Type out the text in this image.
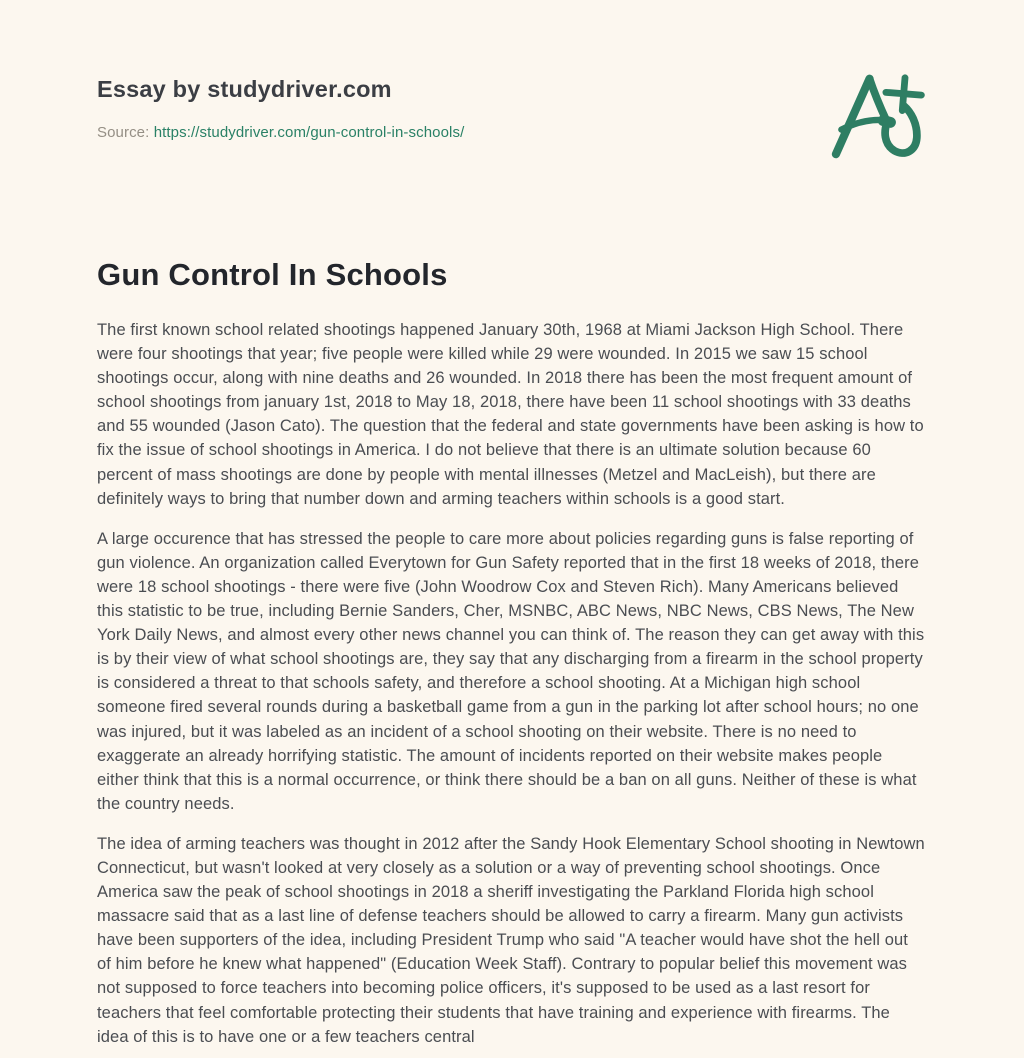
Essay by studydriver.com
Source: https://studydriver.com/gun-control-in-schools/
Gun Control In Schools

The first known school related shootings happened January 30th, 1968 at Miami Jackson High School. There were four shootings that year; five people were killed while 29 were wounded. In 2015 we saw 15 school shootings occur, along with nine deaths and 26 wounded. In 2018 there has been the most frequent amount of school shootings from january 1st, 2018 to May 18, 2018, there have been 11 school shootings with 33 deaths and 55 wounded (Jason Cato). The question that the federal and state governments have been asking is how to fix the issue of school shootings in America. I do not believe that there is an ultimate solution because 60 percent of mass shootings are done by people with mental illnesses (Metzel and MacLeish), but there are definitely ways to bring that number down and arming teachers within schools is a good start.

A large occurence that has stressed the people to care more about policies regarding guns is false reporting of gun violence. An organization called Everytown for Gun Safety reported that in the first 18 weeks of 2018, there were 18 school shootings - there were five (John Woodrow Cox and Steven Rich). Many Americans believed this statistic to be true, including Bernie Sanders, Cher, MSNBC, ABC News, NBC News, CBS News, The New York Daily News, and almost every other news channel you can think of. The reason they can get away with this is by their view of what school shootings are, they say that any discharging from a firearm in the school property is considered a threat to that schools safety, and therefore a school shooting. At a Michigan high school someone fired several rounds during a basketball game from a gun in the parking lot after school hours; no one was injured, but it was labeled as an incident of a school shooting on their website. There is no need to exaggerate an already horrifying statistic. The amount of incidents reported on their website makes people either think that this is a normal occurrence, or think there should be a ban on all guns. Neither of these is what the country needs.

The idea of arming teachers was thought in 2012 after the Sandy Hook Elementary School shooting in Newtown Connecticut, but wasn't looked at very closely as a solution or a way of preventing school shootings. Once America saw the peak of school shootings in 2018 a sheriff investigating the Parkland Florida high school massacre said that as a last line of defense teachers should be allowed to carry a firearm. Many gun activists have been supporters of the idea, including President Trump who said "A teacher would have shot the hell out of him before he knew what happened" (Education Week Staff). Contrary to popular belief this movement was not supposed to force teachers into becoming police officers, it's supposed to be used as a last resort for teachers that feel comfortable protecting their students that have training and experience with firearms. The idea of this is to have one or a few teachers central
